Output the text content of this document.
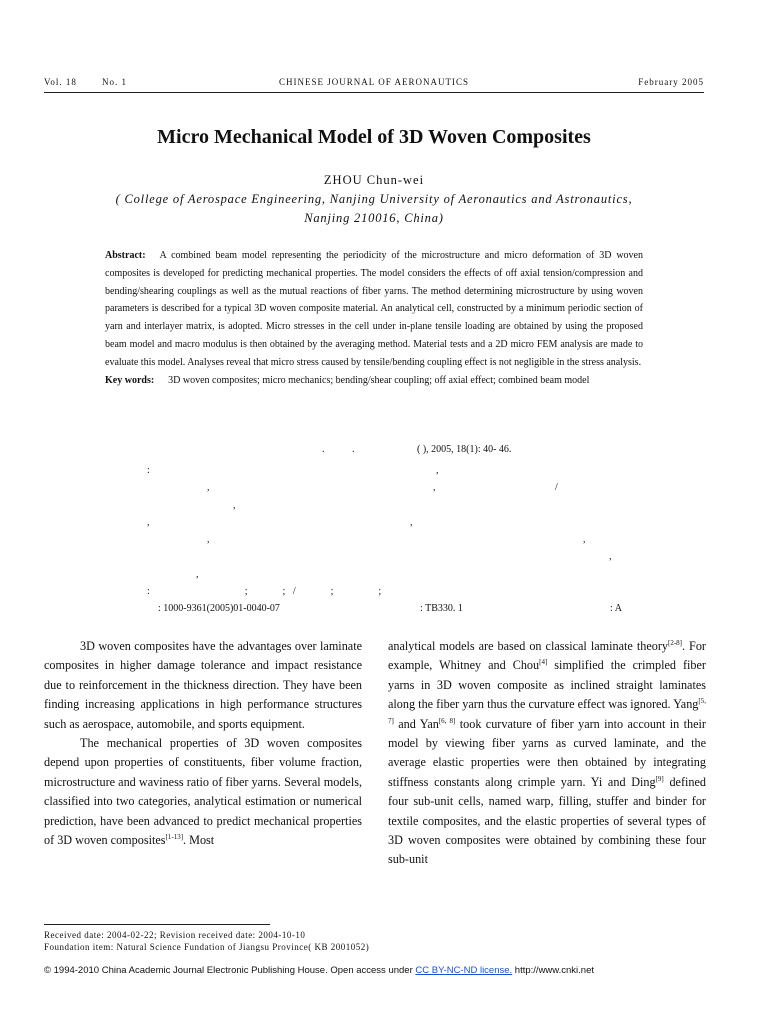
Vol. 18	No. 1	CHINESE JOURNAL OF AERONAUTICS	February 2005
Micro Mechanical Model of 3D Woven Composites
ZHOU Chun-wei
( College of Aerospace Engineering, Nanjing University of Aeronautics and Astronautics,
Nanjing 210016, China)
Abstract: A combined beam model representing the periodicity of the microstructure and micro deformation of 3D woven composites is developed for predicting mechanical properties. The model considers the effects of off axial tension/compression and bending/shearing couplings as well as the mutual reactions of fiber yarns. The method determining microstructure by using woven parameters is described for a typical 3D woven composite material. An analytical cell, constructed by a minimum periodic section of yarn and interlayer matrix, is adopted. Micro stresses in the cell under in-plane tensile loading are obtained by using the proposed beam model and macro modulus is then obtained by the averaging method. Material tests and a 2D micro FEM analysis are made to evaluate this model. Analyses reveal that micro stress caused by tensile/bending coupling effect is not negligible in the stress analysis.
Key words: 3D woven composites; micro mechanics; bending/shear coupling; off axial effect; combined beam model
.           .                         ( ), 2005, 18(1): 40- 46.
:	,
,	,	/
,
,	,
,	,
,
,
:                                      ;              ;   /              ;                  ;
: 1000-9361(2005)01-0040-07	: TB330. 1	: A

3D woven composites have the advantages over laminate composites in higher damage tolerance and impact resistance due to reinforcement in the thickness direction. They have been finding increasing applications in high performance structures such as aerospace, automobile, and sports equipment.

The mechanical properties of 3D woven composites depend upon properties of constituents, fiber volume fraction, microstructure and waviness ratio of fiber yarns. Several models, classified into two categories, analytical estimation or numerical prediction, have been advanced to predict mechanical properties of 3D woven composites[1-13]. Most

analytical models are based on classical laminate theory[2-8]. For example, Whitney and Chou[4] simplified the crimpled fiber yarns in 3D woven composite as inclined straight laminates along the fiber yarn thus the curvature effect was ignored. Yang[5, 7] and Yan[6, 8] took curvature of fiber yarn into account in their model by viewing fiber yarns as curved laminate, and the average elastic properties were then obtained by integrating stiffness constants along crimple yarn. Yi and Ding[9] defined four sub-unit cells, named warp, filling, stuffer and binder for textile composites, and the elastic properties of several types of 3D woven composites were obtained by combining these four sub-unit

Received date: 2004-02-22; Revision received date: 2004-10-10
Foundation item: Natural Science Fundation of Jiangsu Province( KB 2001052)
© 1994-2010 China Academic Journal Electronic Publishing House. Open access under CC BY-NC-ND license. http://www.cnki.net
